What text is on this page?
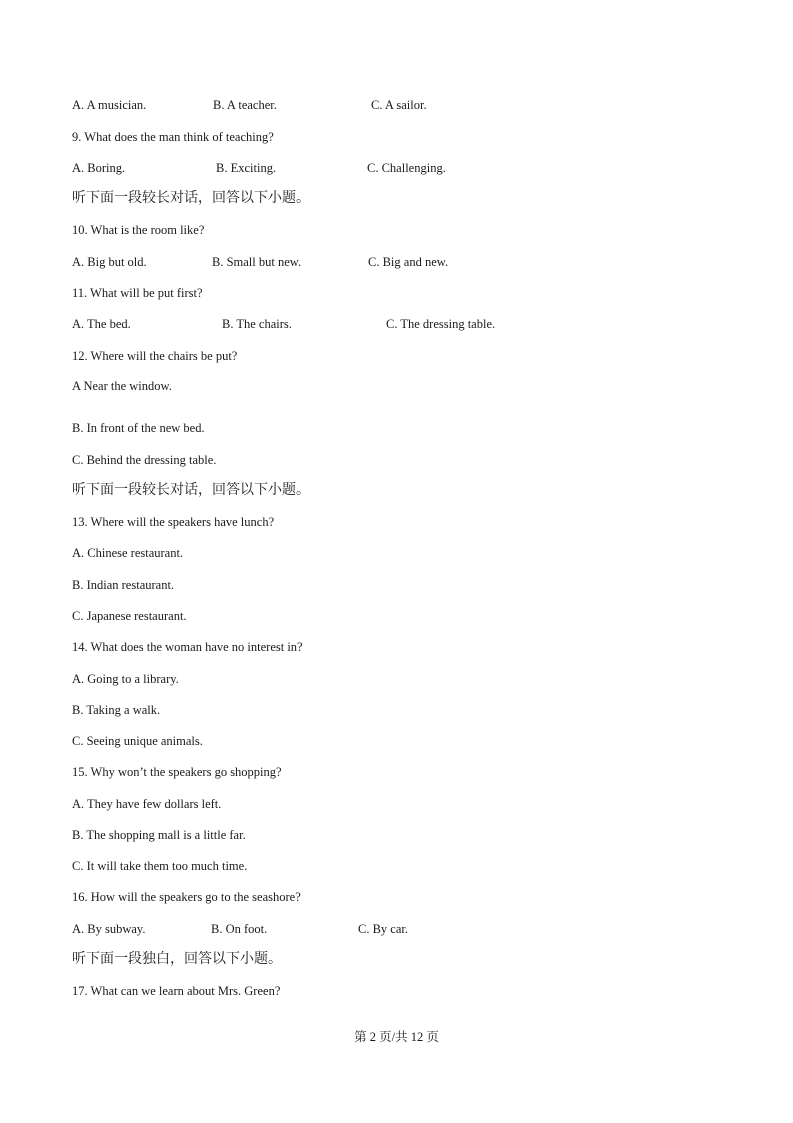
A. A musician.	B. A teacher.	C. A sailor.
9. What does the man think of teaching?
A. Boring.	B. Exciting.	C. Challenging.
听下面一段较长对话，回答以下小题。
10. What is the room like?
A. Big but old.	B. Small but new.	C. Big and new.
11. What will be put first?
A. The bed.	B. The chairs.	C. The dressing table.
12. Where will the chairs be put?
A Near the window.
B. In front of the new bed.
C. Behind the dressing table.
听下面一段较长对话，回答以下小题。
13. Where will the speakers have lunch?
A. Chinese restaurant.
B. Indian restaurant.
C. Japanese restaurant.
14. What does the woman have no interest in?
A. Going to a library.
B. Taking a walk.
C. Seeing unique animals.
15. Why won’t the speakers go shopping?
A. They have few dollars left.
B. The shopping mall is a little far.
C. It will take them too much time.
16. How will the speakers go to the seashore?
A. By subway.	B. On foot.	C. By car.
听下面一段独白，回答以下小题。
17. What can we learn about Mrs. Green?
第 2 页/共 12 页
